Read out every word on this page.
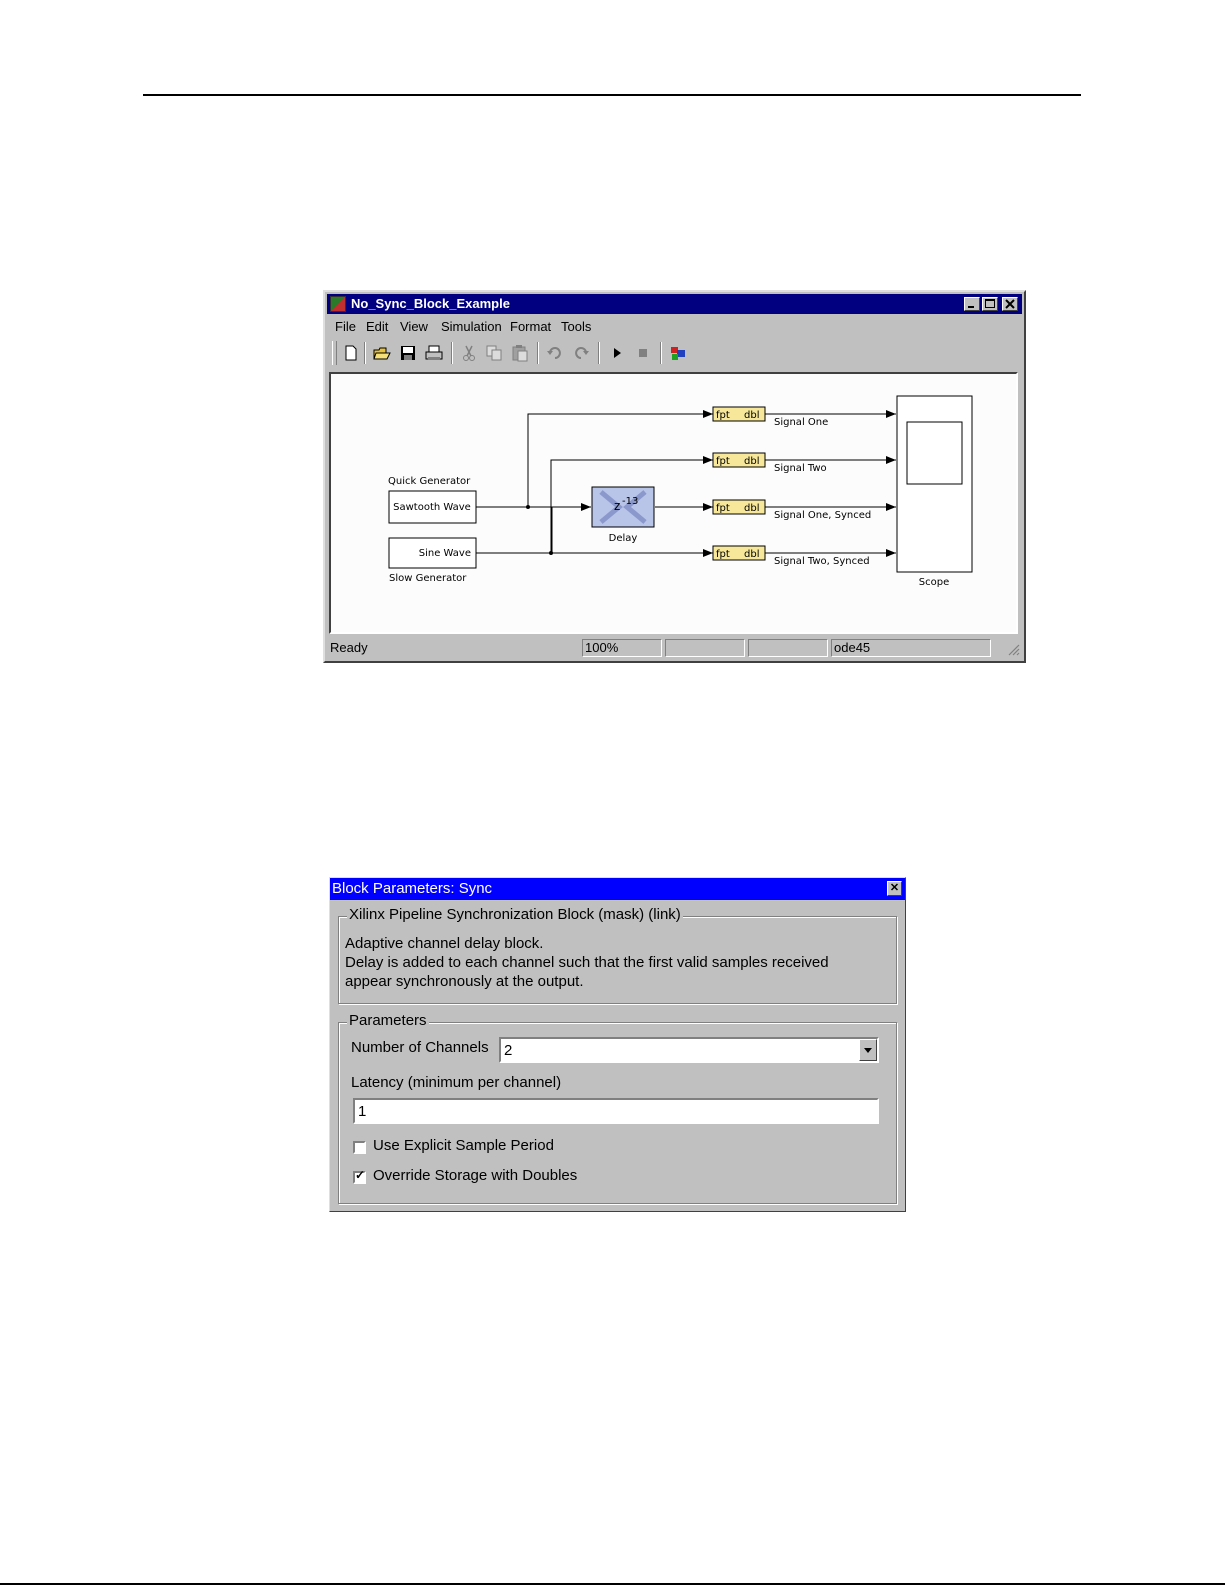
No_Sync_Block_Example
File Edit View Simulation Format Tools
Quick Generator
Sawtooth Wave
Sine Wave
Slow Generator
z -13
Delay
fpt dbl
fpt dbl
fpt dbl
fpt dbl
Signal One
Signal Two
Signal One, Synced
Signal Two, Synced
Scope
Ready	100%	ode45
Block Parameters: Sync	✕
Xilinx Pipeline Synchronization Block (mask) (link)
Adaptive channel delay block.
Delay is added to each channel such that the first valid samples received
appear synchronously at the output.
Parameters
Number of Channels 2
Latency (minimum per channel)
1
Use Explicit Sample Period
✓ Override Storage with Doubles
